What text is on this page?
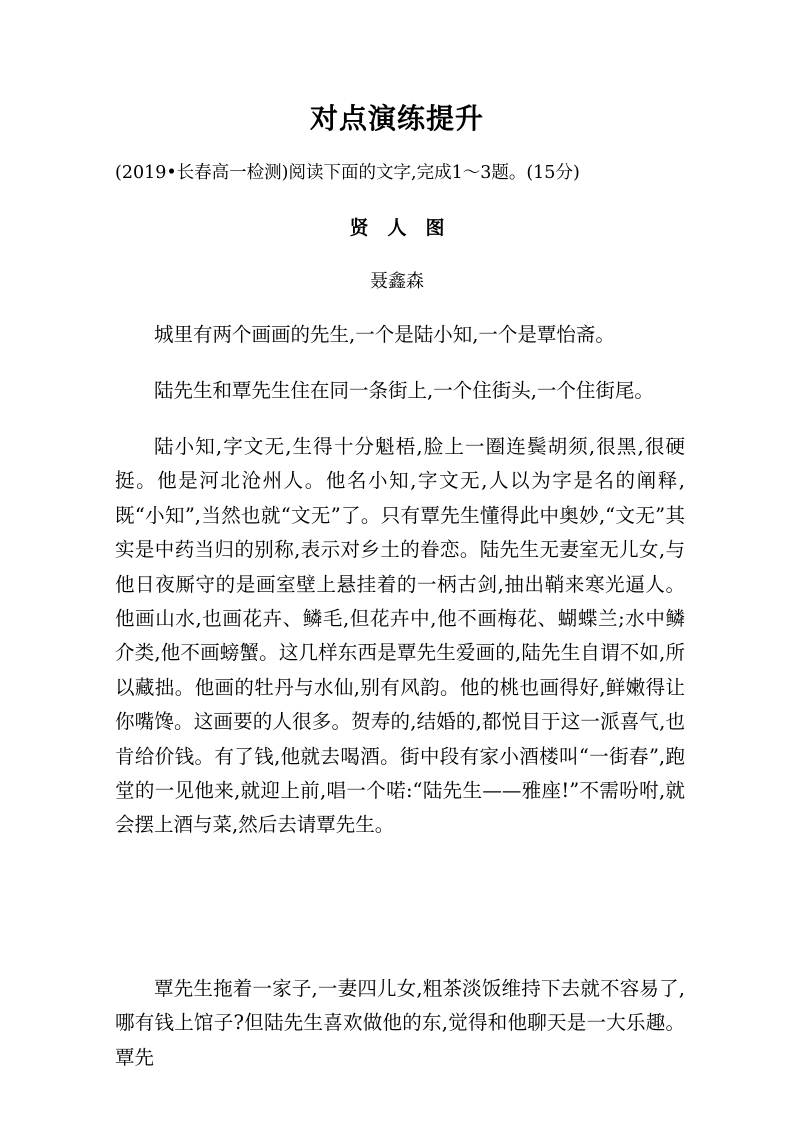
对点演练提升

(2019•长春高一检测)阅读下面的文字,完成1～3题。(15分)

贤　人　图

聂鑫森

城里有两个画画的先生,一个是陆小知,一个是覃怡斋。

陆先生和覃先生住在同一条街上,一个住街头,一个住街尾。

陆小知,字文无,生得十分魁梧,脸上一圈连鬓胡须,很黑,很硬挺。他是河北沧州人。他名小知,字文无,人以为字是名的阐释,既“小知”,当然也就“文无”了。只有覃先生懂得此中奥妙,“文无”其实是中药当归的别称,表示对乡土的眷恋。陆先生无妻室无儿女,与他日夜厮守的是画室壁上悬挂着的一柄古剑,抽出鞘来寒光逼人。他画山水,也画花卉、鳞毛,但花卉中,他不画梅花、蝴蝶兰;水中鳞介类,他不画螃蟹。这几样东西是覃先生爱画的,陆先生自谓不如,所以藏拙。他画的牡丹与水仙,别有风韵。他的桃也画得好,鲜嫩得让你嘴馋。这画要的人很多。贺寿的,结婚的,都悦目于这一派喜气,也肯给价钱。有了钱,他就去喝酒。街中段有家小酒楼叫“一街春”,跑堂的一见他来,就迎上前,唱一个喏:“陆先生——雅座!”不需吩咐,就会摆上酒与菜,然后去请覃先生。

覃先生拖着一家子,一妻四儿女,粗茶淡饭维持下去就不容易了,哪有钱上馆子?但陆先生喜欢做他的东,觉得和他聊天是一大乐趣。覃先
